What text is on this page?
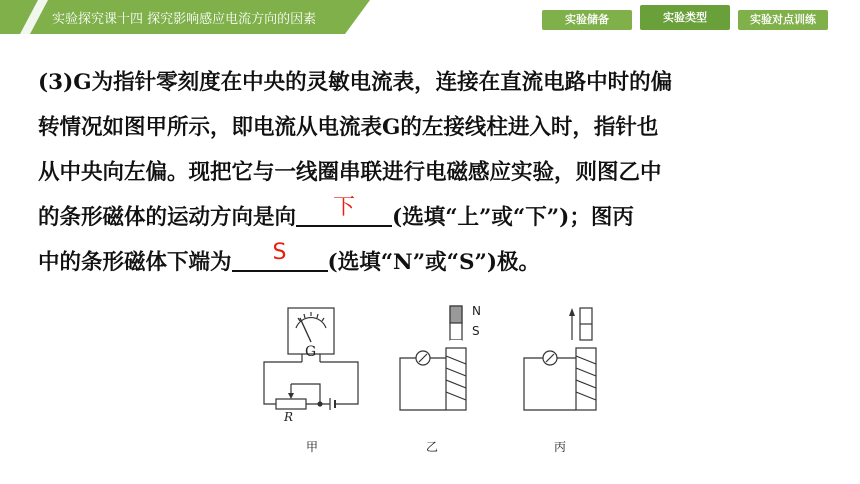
实验探究课十四 探究影响感应电流方向的因素	实验储备	实验类型	实验对点训练
(3)G为指针零刻度在中央的灵敏电流表，连接在直流电路中时的偏
转情况如图甲所示，即电流从电流表G的左接线柱进入时，指针也
从中央向左偏。现把它与一线圈串联进行电磁感应实验，则图乙中
的条形磁体的运动方向是向	下	(选填“上”或“下”)；图丙
中的条形磁体下端为	S	(选填“N”或“S”)极。
G
R
N
S
甲	乙	丙
